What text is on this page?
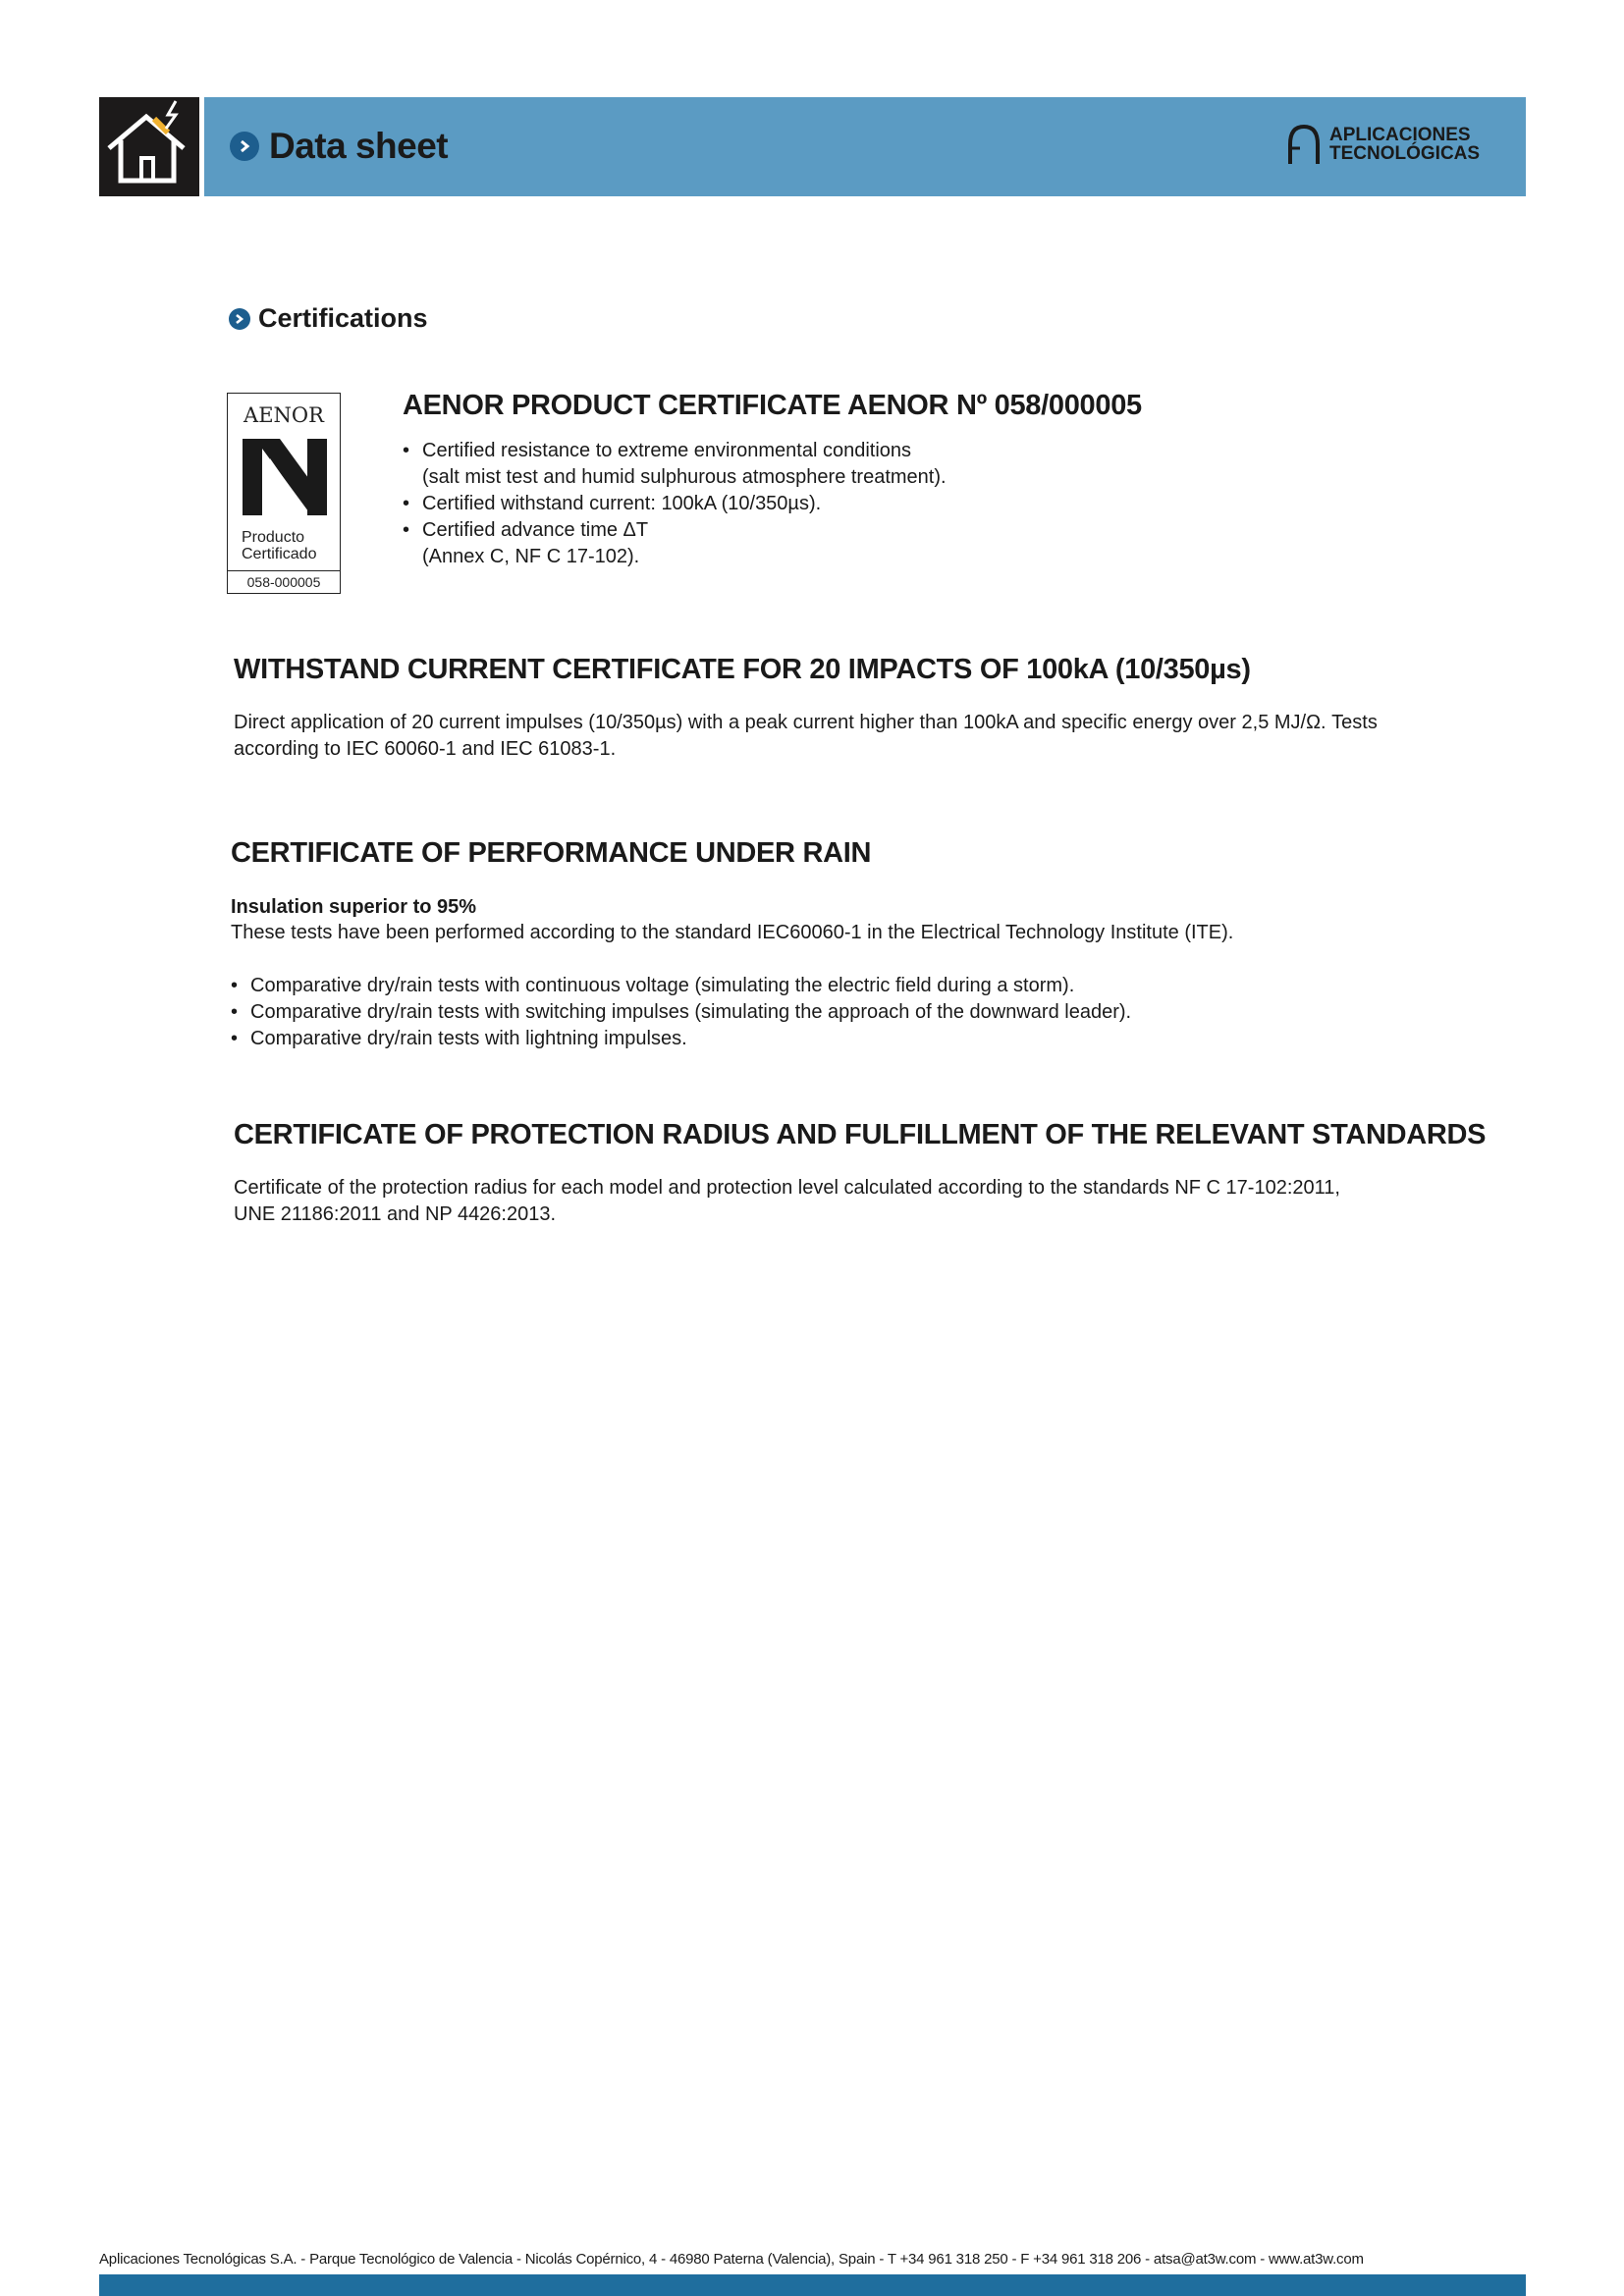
Data sheet	APLICACIONES
TECNOLÓGICAS
Certifications
AENOR
Producto
Certificado
058-000005
AENOR PRODUCT CERTIFICATE AENOR Nº 058/000005
• Certified resistance to extreme environmental conditions
(salt mist test and humid sulphurous atmosphere treatment).
• Certified withstand current: 100kA (10/350µs).
• Certified advance time ΔT
(Annex C, NF C 17-102).
WITHSTAND CURRENT CERTIFICATE FOR 20 IMPACTS OF 100kA (10/350µs)
Direct application of 20 current impulses (10/350µs) with a peak current higher than 100kA and specific energy over 2,5 MJ/Ω. Tests
according to IEC 60060-1 and IEC 61083-1.
CERTIFICATE OF PERFORMANCE UNDER RAIN
Insulation superior to 95%
These tests have been performed according to the standard IEC60060-1 in the Electrical Technology Institute (ITE).
• Comparative dry/rain tests with continuous voltage (simulating the electric field during a storm).
• Comparative dry/rain tests with switching impulses (simulating the approach of the downward leader).
• Comparative dry/rain tests with lightning impulses.
CERTIFICATE OF PROTECTION RADIUS AND FULFILLMENT OF THE RELEVANT STANDARDS
Certificate of the protection radius for each model and protection level calculated according to the standards NF C 17-102:2011,
UNE 21186:2011 and NP 4426:2013.
Aplicaciones Tecnológicas S.A. - Parque Tecnológico de Valencia - Nicolás Copérnico, 4 - 46980 Paterna (Valencia), Spain - T +34 961 318 250 - F +34 961 318 206 - atsa@at3w.com - www.at3w.com
